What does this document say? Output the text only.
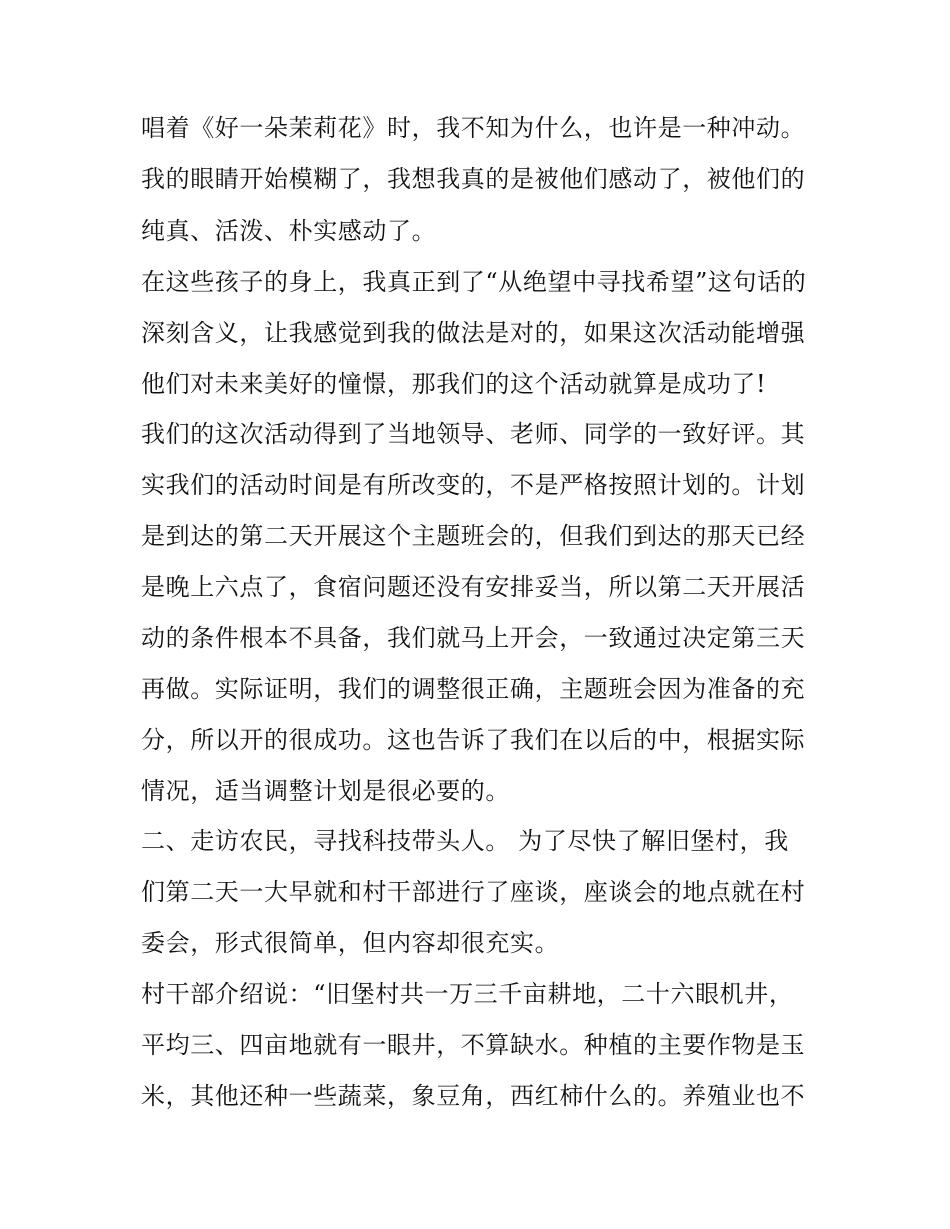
唱着《好一朵茉莉花》时，我不知为什么，也许是一种冲动。

我的眼睛开始模糊了，我想我真的是被他们感动了，被他们的

纯真、活泼、朴实感动了。

在这些孩子的身上，我真正到了“从绝望中寻找希望”这句话的

深刻含义，让我感觉到我的做法是对的，如果这次活动能增强

他们对未来美好的憧憬，那我们的这个活动就算是成功了!

我们的这次活动得到了当地领导、老师、同学的一致好评。其

实我们的活动时间是有所改变的，不是严格按照计划的。计划

是到达的第二天开展这个主题班会的，但我们到达的那天已经

是晚上六点了，食宿问题还没有安排妥当，所以第二天开展活

动的条件根本不具备，我们就马上开会，一致通过决定第三天

再做。实际证明，我们的调整很正确，主题班会因为准备的充

分，所以开的很成功。这也告诉了我们在以后的中，根据实际

情况，适当调整计划是很必要的。

二、走访农民，寻找科技带头人。 为了尽快了解旧堡村，我

们第二天一大早就和村干部进行了座谈，座谈会的地点就在村

委会，形式很简单，但内容却很充实。

村干部介绍说：“旧堡村共一万三千亩耕地，二十六眼机井，

平均三、四亩地就有一眼井，不算缺水。种植的主要作物是玉

米，其他还种一些蔬菜，象豆角，西红柿什么的。养殖业也不
